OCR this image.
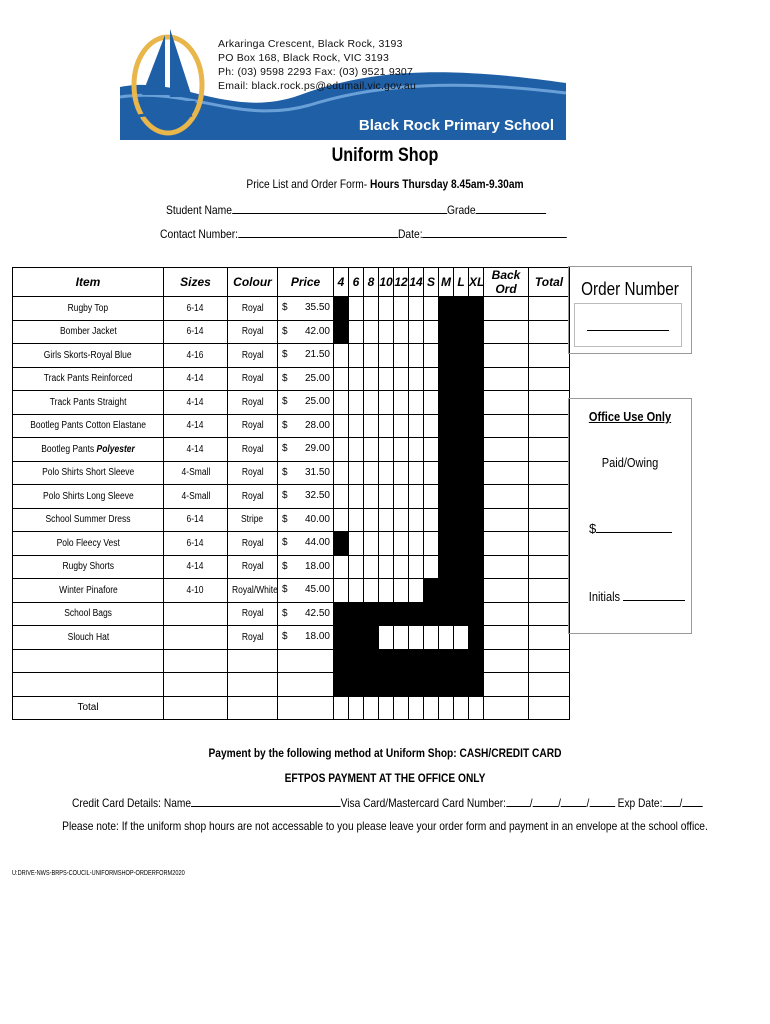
Arkaringa Crescent, Black Rock, 3193
PO Box 168, Black Rock, VIC 3193
Ph: (03) 9598 2293 Fax: (03) 9521 9307
Email: black.rock.ps@edumail.vic.gov.au
Black Rock Primary School
Uniform Shop
Price List and Order Form- Hours Thursday 8.45am-9.30am
Student Name	Grade
Contact Number:	Date:
Item	Sizes	Colour	Price	4	6	8	10	12	14	S	M	L	XL	Back Ord	Total
Rugby Top	6-14	Royal	$ 35.50												

Bomber Jacket	6-14	Royal	$ 42.00												

Girls Skorts-Royal Blue	4-16	Royal	$ 21.50												

Track Pants Reinforced	4-14	Royal	$ 25.00												

Track Pants Straight	4-14	Royal	$ 25.00												

Bootleg Pants Cotton Elastane	4-14	Royal	$ 28.00												

Bootleg Pants Polyester	4-14	Royal	$ 29.00												

Polo Shirts Short Sleeve	4-Small	Royal	$ 31.50												

Polo Shirts Long Sleeve	4-Small	Royal	$ 32.50												

School Summer Dress	6-14	Stripe	$ 40.00												

Polo Fleecy Vest	6-14	Royal	$ 44.00												

Rugby Shorts	4-14	Royal	$ 18.00												

Winter Pinafore	4-10	Royal/White	$ 45.00												

School Bags		Royal	$ 42.50												

Slouch Hat		Royal	$ 18.00												

Total															
Order Number
Office Use Only
Paid/Owing
$
Initials
Payment by the following method at Uniform Shop: CASH/CREDIT CARD
EFTPOS PAYMENT AT THE OFFICE ONLY
Credit Card Details: Name	Visa Card/Mastercard Card Number: / / / Exp Date: /
Please note: If the uniform shop hours are not accessable to you please leave your order form and payment in an envelope at the school office.
U:DRIVE-NWS-BRPS-COUCIL-UNIFORMSHOP-ORDERFORM2020
